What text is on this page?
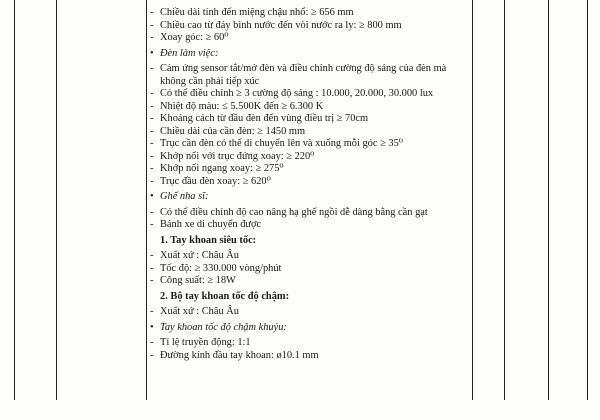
- Chiều dài tính đến miệng chậu nhổ: ≥ 656 mm
- Chiều cao từ đáy bình nước đến vòi nước ra ly: ≥ 800 mm
- Xoay góc: ≥ 60⁰
• Đèn làm việc:
- Cảm ứng sensor tắt/mở đèn và điều chỉnh cường độ sáng của đèn mà không cần phải tiếp xúc
- Có thể điều chỉnh ≥ 3 cường độ sáng : 10.000, 20.000, 30.000 lux
- Nhiệt độ màu: ≤ 5.500K đến ≥ 6.300 K
- Khoảng cách từ đầu đèn đến vùng điều trị ≥ 70cm
- Chiều dài của cần đèn: ≥ 1450 mm
- Trục cần đèn có thể di chuyển lên và xuống mỗi góc ≥ 35⁰
- Khớp nối với trục đứng xoay: ≥ 220⁰
- Khớp nối ngang xoay: ≥ 275⁰
- Trục đầu đèn xoay: ≥ 620⁰
• Ghế nha sĩ:
- Có thể điều chỉnh độ cao nâng hạ ghế ngồi dễ dàng bằng cần gạt
- Bánh xe di chuyển được
1. Tay khoan siêu tốc:
- Xuất xứ : Châu Âu
- Tốc độ: ≥ 330.000 vòng/phút
- Công suất: ≥ 18W
2. Bộ tay khoan tốc độ chậm:
- Xuất xứ : Châu Âu
• Tay khoan tốc độ chậm khuỷu:
- Tỉ lệ truyền động: 1:1
- Đường kính đầu tay khoan: ø10.1 mm
